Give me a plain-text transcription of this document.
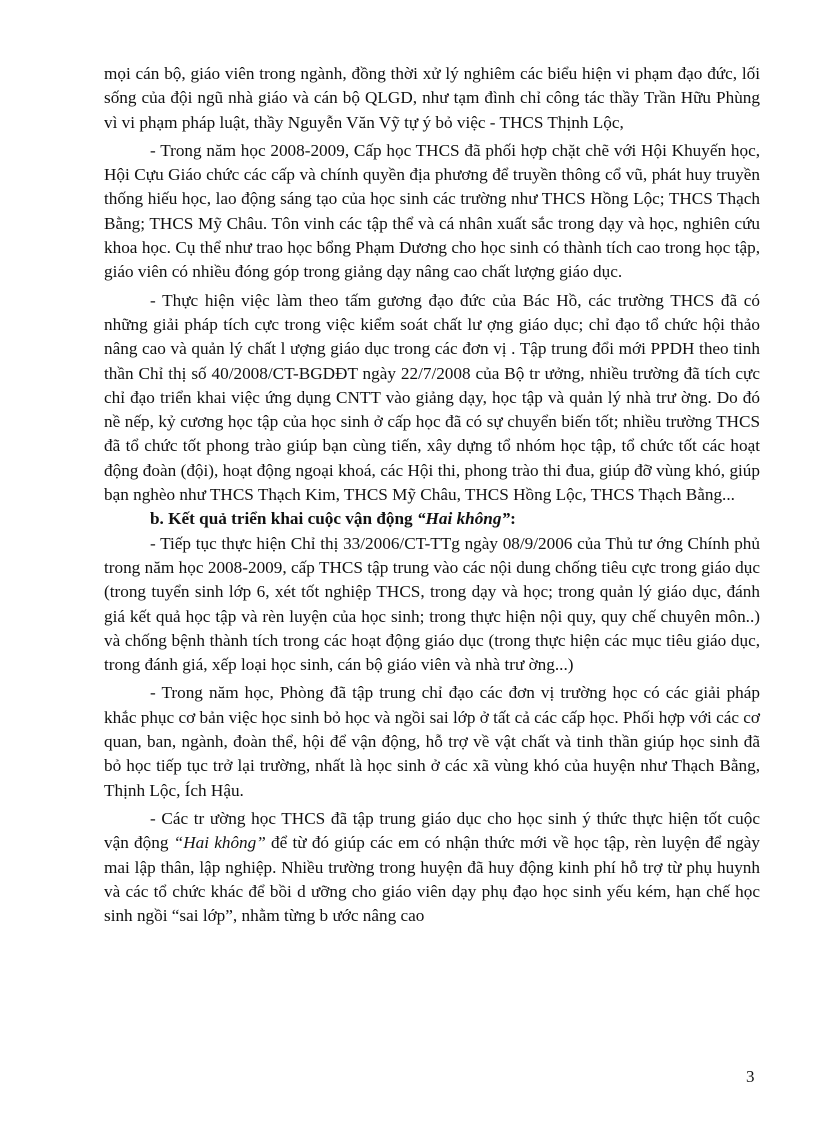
mọi cán bộ, giáo viên trong ngành, đồng thời xử lý nghiêm các biểu hiện vi phạm đạo đức, lối sống của đội ngũ nhà giáo và cán bộ QLGD, như tạm đình chỉ công tác thầy Trần Hữu Phùng vì vi phạm pháp luật, thầy Nguyễn Văn Vỹ tự ý bỏ việc - THCS Thịnh Lộc,

- Trong năm học 2008-2009, Cấp học THCS đã phối hợp chặt chẽ với Hội Khuyến học, Hội Cựu Giáo chức các cấp và chính quyền địa phương để truyền thông cổ vũ, phát huy truyền thống hiếu học, lao động sáng tạo của học sinh các trường như THCS Hồng Lộc; THCS Thạch Bằng; THCS Mỹ Châu. Tôn vinh các tập thể và cá nhân xuất sắc trong dạy và học, nghiên cứu khoa học. Cụ thể như trao học bổng Phạm Dương cho học sinh có thành tích cao trong học tập, giáo viên có nhiều đóng góp trong giảng dạy nâng cao chất lượng giáo dục.

- Thực hiện việc làm theo tấm gương đạo đức của Bác Hồ, các trường THCS đã có những giải pháp tích cực trong việc kiểm soát chất lư ợng giáo dục; chỉ đạo tổ chức hội thảo nâng cao và quản lý chất l ượng giáo dục trong các đơn vị . Tập trung đổi mới PPDH theo tinh thần Chỉ thị số 40/2008/CT-BGDĐT ngày 22/7/2008 của Bộ tr ưởng, nhiều trường đã tích cực chỉ đạo triển khai việc ứng dụng CNTT vào giảng dạy, học tập và quản lý nhà trư ờng. Do đó nề nếp, kỷ cương học tập của học sinh ở cấp học đã có sự chuyển biến tốt; nhiều trường THCS đã tổ chức tốt phong trào giúp bạn cùng tiến, xây dựng tổ nhóm học tập, tổ chức tốt các hoạt động đoàn (đội), hoạt động ngoại khoá, các Hội thi, phong trào thi đua, giúp đỡ vùng khó, giúp bạn nghèo như THCS Thạch Kim, THCS Mỹ Châu, THCS Hồng Lộc, THCS Thạch Bằng...

b. Kết quả triển khai cuộc vận động “Hai không”:

- Tiếp tục thực hiện Chỉ thị 33/2006/CT-TTg ngày 08/9/2006 của Thủ tư ớng Chính phủ trong năm học 2008-2009, cấp THCS tập trung vào các nội dung chống tiêu cực trong giáo dục (trong tuyển sinh lớp 6, xét tốt nghiệp THCS, trong dạy và học; trong quản lý giáo dục, đánh giá kết quả học tập và rèn luyện của học sinh; trong thực hiện nội quy, quy chế chuyên môn..) và chống bệnh thành tích trong các hoạt động giáo dục (trong thực hiện các mục tiêu giáo dục, trong đánh giá, xếp loại học sinh, cán bộ giáo viên và nhà trư ờng...)

- Trong năm học, Phòng đã tập trung chỉ đạo các đơn vị trường học có các giải pháp khắc phục cơ bản việc học sinh bỏ học và ngồi sai lớp ở tất cả các cấp học. Phối hợp với các cơ quan, ban, ngành, đoàn thể, hội để vận động, hỗ trợ về vật chất và tinh thần giúp học sinh đã bỏ học tiếp tục trở lại trường, nhất là học sinh ở các xã vùng khó của huyện như Thạch Bằng, Thịnh Lộc, Ích Hậu.

- Các tr ường học THCS đã tập trung giáo dục cho học sinh ý thức thực hiện tốt cuộc vận động “Hai không” để từ đó giúp các em có nhận thức mới về học tập, rèn luyện để ngày mai lập thân, lập nghiệp. Nhiều trường trong huyện đã huy động kinh phí hỗ trợ từ phụ huynh và các tổ chức khác để bồi d ưỡng cho giáo viên dạy phụ đạo học sinh yếu kém, hạn chế học sinh ngồi “sai lớp”, nhằm từng b ước nâng cao

3
